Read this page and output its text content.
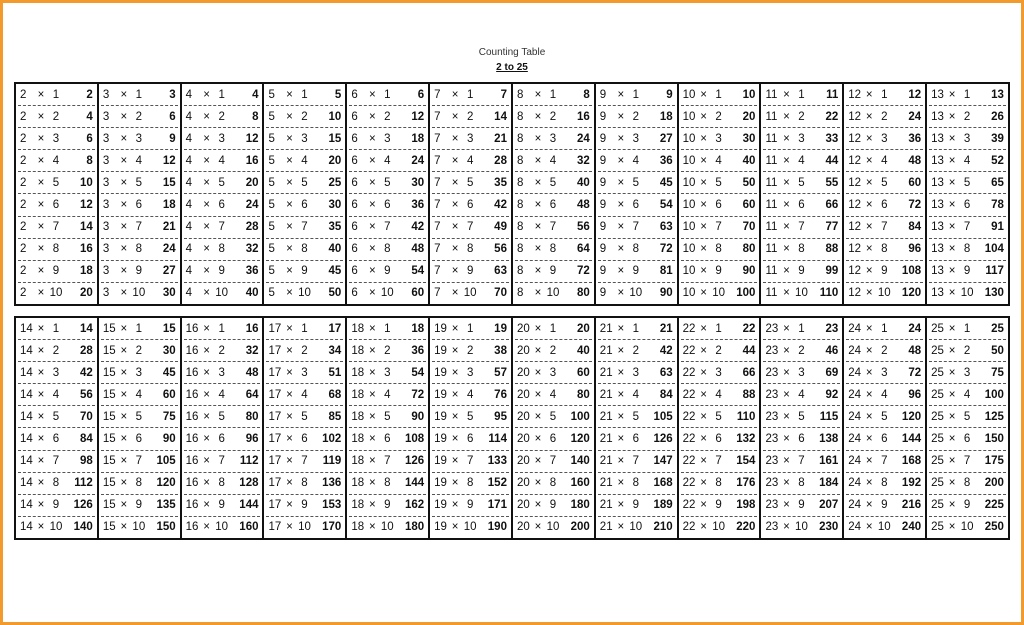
Counting Table
2 to 25
2 × 1	2
2 × 2	4
2 × 3	6
2 × 4	8
2 × 5	10
2 × 6	12
2 × 7	14
2 × 8	16
2 × 9	18
2 × 10	20
3 × 1	3
3 × 2	6
3 × 3	9
3 × 4	12
3 × 5	15
3 × 6	18
3 × 7	21
3 × 8	24
3 × 9	27
3 × 10	30
4 × 1	4
4 × 2	8
4 × 3	12
4 × 4	16
4 × 5	20
4 × 6	24
4 × 7	28
4 × 8	32
4 × 9	36
4 × 10	40
5 × 1	5
5 × 2	10
5 × 3	15
5 × 4	20
5 × 5	25
5 × 6	30
5 × 7	35
5 × 8	40
5 × 9	45
5 × 10	50
6 × 1	6
6 × 2	12
6 × 3	18
6 × 4	24
6 × 5	30
6 × 6	36
6 × 7	42
6 × 8	48
6 × 9	54
6 × 10	60
7 × 1	7
7 × 2	14
7 × 3	21
7 × 4	28
7 × 5	35
7 × 6	42
7 × 7	49
7 × 8	56
7 × 9	63
7 × 10	70
8 × 1	8
8 × 2	16
8 × 3	24
8 × 4	32
8 × 5	40
8 × 6	48
8 × 7	56
8 × 8	64
8 × 9	72
8 × 10	80
9 × 1	9
9 × 2	18
9 × 3	27
9 × 4	36
9 × 5	45
9 × 6	54
9 × 7	63
9 × 8	72
9 × 9	81
9 × 10	90
10 × 1	10
10 × 2	20
10 × 3	30
10 × 4	40
10 × 5	50
10 × 6	60
10 × 7	70
10 × 8	80
10 × 9	90
10 × 10 100
11 × 1	11
11 × 2	22
11 × 3	33
11 × 4	44
11 × 5	55
11 × 6	66
11 × 7	77
11 × 8	88
11 × 9	99
11 × 10	110
12 × 1	12
12 × 2	24
12 × 3	36
12 × 4	48
12 × 5	60
12 × 6	72
12 × 7	84
12 × 8	96
12 × 9	108
12 × 10 120
13 × 1	13
13 × 2	26
13 × 3	39
13 × 4	52
13 × 5	65
13 × 6	78
13 × 7	91
13 × 8	104
13 × 9	117
13 × 10 130
14 × 1	14
14 × 2	28
14 × 3	42
14 × 4	56
14 × 5	70
14 × 6	84
14 × 7	98
14 × 8	112
14 × 9	126
14 × 10 140
15 × 1	15
15 × 2	30
15 × 3	45
15 × 4	60
15 × 5	75
15 × 6	90
15 × 7	105
15 × 8	120
15 × 9	135
15 × 10 150
16 × 1	16
16 × 2	32
16 × 3	48
16 × 4	64
16 × 5	80
16 × 6	96
16 × 7	112
16 × 8	128
16 × 9	144
16 × 10 160
17 × 1	17
17 × 2	34
17 × 3	51
17 × 4	68
17 × 5	85
17 × 6	102
17 × 7	119
17 × 8	136
17 × 9	153
17 × 10 170
18 × 1	18
18 × 2	36
18 × 3	54
18 × 4	72
18 × 5	90
18 × 6	108
18 × 7	126
18 × 8	144
18 × 9	162
18 × 10 180
19 × 1	19
19 × 2	38
19 × 3	57
19 × 4	76
19 × 5	95
19 × 6	114
19 × 7	133
19 × 8	152
19 × 9	171
19 × 10 190
20 × 1	20
20 × 2	40
20 × 3	60
20 × 4	80
20 × 5	100
20 × 6	120
20 × 7	140
20 × 8	160
20 × 9	180
20 × 10 200
21 × 1	21
21 × 2	42
21 × 3	63
21 × 4	84
21 × 5	105
21 × 6	126
21 × 7	147
21 × 8	168
21 × 9	189
21 × 10 210
22 × 1	22
22 × 2	44
22 × 3	66
22 × 4	88
22 × 5	110
22 × 6	132
22 × 7	154
22 × 8	176
22 × 9	198
22 × 10 220
23 × 1	23
23 × 2	46
23 × 3	69
23 × 4	92
23 × 5	115
23 × 6	138
23 × 7	161
23 × 8	184
23 × 9	207
23 × 10 230
24 × 1	24
24 × 2	48
24 × 3	72
24 × 4	96
24 × 5	120
24 × 6	144
24 × 7	168
24 × 8	192
24 × 9	216
24 × 10 240
25 × 1	25
25 × 2	50
25 × 3	75
25 × 4	100
25 × 5	125
25 × 6	150
25 × 7	175
25 × 8	200
25 × 9	225
25 × 10 250
